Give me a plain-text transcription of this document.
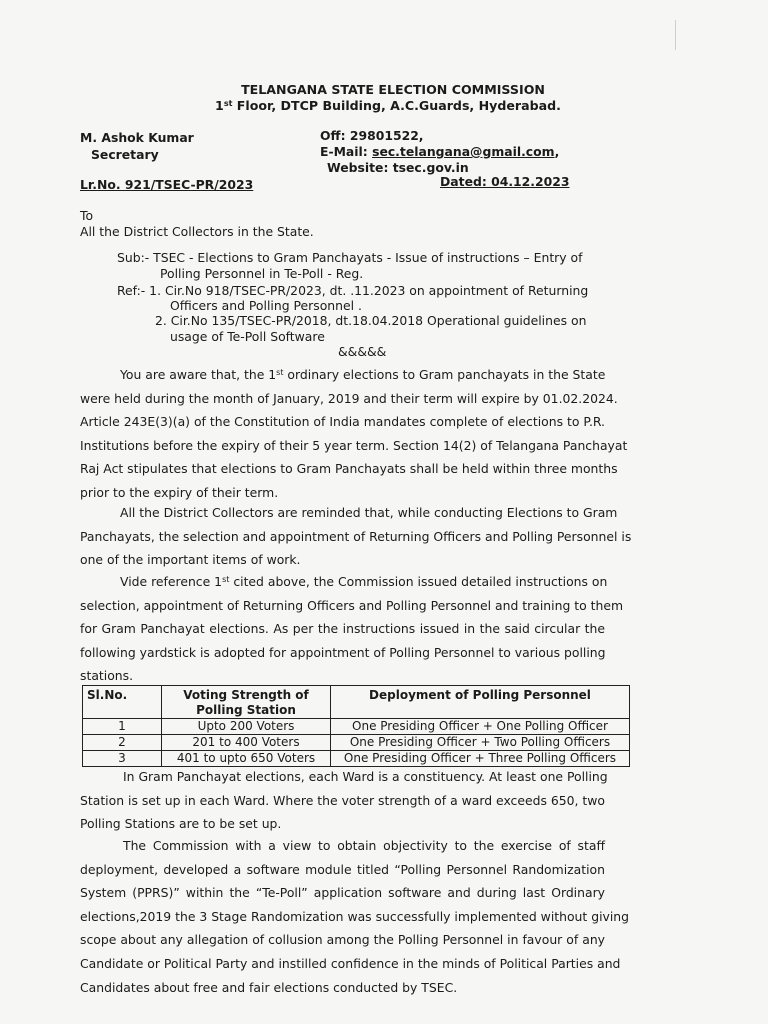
TELANGANA STATE ELECTION COMMISSION
1st Floor, DTCP Building, A.C.Guards, Hyderabad.
M. Ashok Kumar
Secretary
Off: 29801522,
E-Mail: sec.telangana@gmail.com,
Website: tsec.gov.in
Lr.No. 921/TSEC-PR/2023	Dated: 04.12.2023
To
All the District Collectors in the State.
Sub:- TSEC - Elections to Gram Panchayats - Issue of instructions – Entry of
Polling Personnel in Te-Poll - Reg.
Ref:- 1. Cir.No 918/TSEC-PR/2023, dt. .11.2023 on appointment of Returning
Officers and Polling Personnel .
2. Cir.No 135/TSEC-PR/2018, dt.18.04.2018 Operational guidelines on
usage of Te-Poll Software
&&&&&
You are aware that, the 1st ordinary elections to Gram panchayats in the State
were held during the month of January, 2019 and their term will expire by 01.02.2024.
Article 243E(3)(a) of the Constitution of India mandates complete of elections to P.R.
Institutions before the expiry of their 5 year term. Section 14(2) of Telangana Panchayat
Raj Act stipulates that elections to Gram Panchayats shall be held within three months
prior to the expiry of their term.
All the District Collectors are reminded that, while conducting Elections to Gram
Panchayats, the selection and appointment of Returning Officers and Polling Personnel is
one of the important items of work.
Vide reference 1st cited above, the Commission issued detailed instructions on
selection, appointment of Returning Officers and Polling Personnel and training to them
for Gram Panchayat elections. As per the instructions issued in the said circular the
following yardstick is adopted for appointment of Polling Personnel to various polling
stations.
Sl.No.	Voting Strength of Polling Station	Deployment of Polling Personnel
1	Upto 200 Voters	One Presiding Officer + One Polling Officer
2	201 to 400 Voters	One Presiding Officer + Two Polling Officers
3	401 to upto 650 Voters	One Presiding Officer + Three Polling Officers
In Gram Panchayat elections, each Ward is a constituency. At least one Polling
Station is set up in each Ward. Where the voter strength of a ward exceeds 650, two
Polling Stations are to be set up.
The Commission with a view to obtain objectivity to the exercise of staff
deployment, developed a software module titled “Polling Personnel Randomization
System (PPRS)” within the “Te-Poll” application software and during last Ordinary
elections,2019 the 3 Stage Randomization was successfully implemented without giving
scope about any allegation of collusion among the Polling Personnel in favour of any
Candidate or Political Party and instilled confidence in the minds of Political Parties and
Candidates about free and fair elections conducted by TSEC.
